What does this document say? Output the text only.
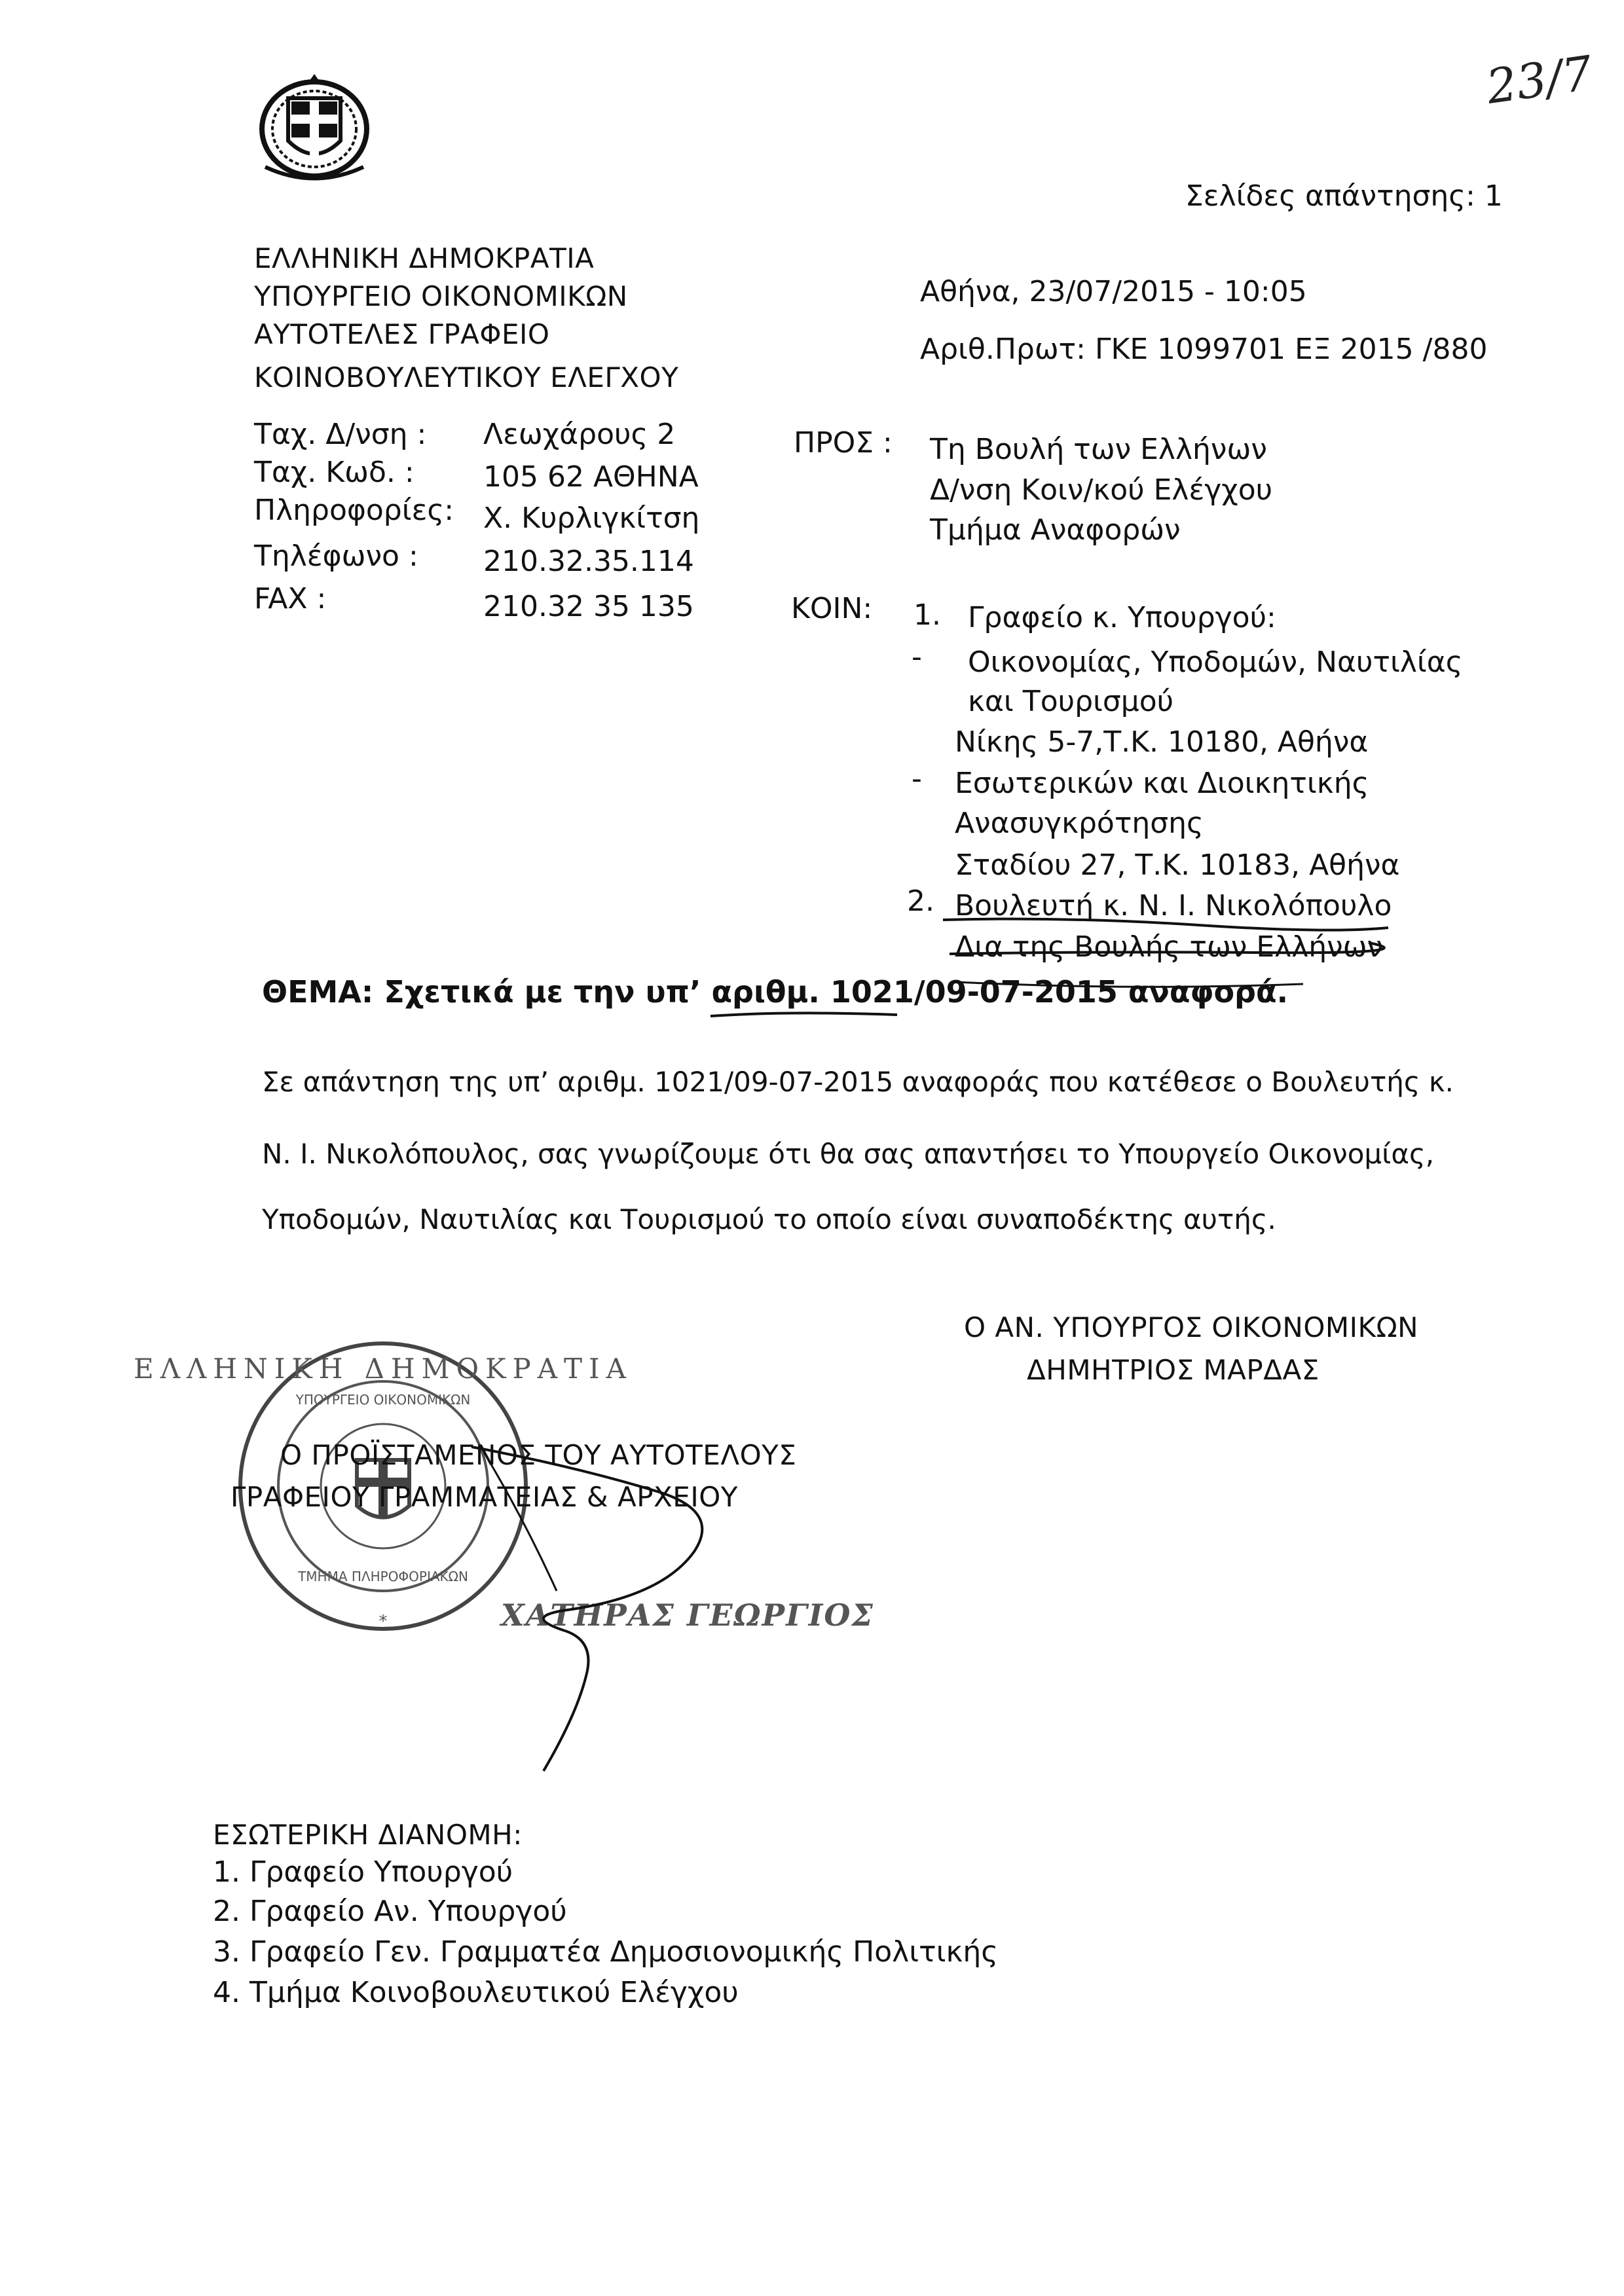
23/7
Σελίδες απάντησης: 1
ΕΛΛΗΝΙΚΗ ΔΗΜΟΚΡΑΤΙΑ
ΥΠΟΥΡΓΕΙΟ ΟΙΚΟΝΟΜΙΚΩΝ
ΑΥΤΟΤΕΛΕΣ ΓΡΑΦΕΙΟ
ΚΟΙΝΟΒΟΥΛΕΥΤΙΚΟΥ ΕΛΕΓΧΟΥ
Αθήνα, 23/07/2015 - 10:05
Αριθ.Πρωτ: ΓΚΕ 1099701 ΕΞ 2015 /880
Ταχ. Δ/νση : Λεωχάρους 2
Ταχ. Κωδ. : 105 62 ΑΘΗΝΑ
Πληροφορίες: Χ. Κυρλιγκίτση
Τηλέφωνο : 210.32.35.114
FAX :	210.32 35 135
ΠΡΟΣ : Τη Βουλή των Ελλήνων
Δ/νση Κοιν/κού Ελέγχου
Τμήμα Αναφορών
ΚΟΙΝ: 1. Γραφείο κ. Υπουργού:
- Οικονομίας, Υποδομών, Ναυτιλίας
και Τουρισμού
Νίκης 5-7,Τ.Κ. 10180, Αθήνα
- Εσωτερικών και Διοικητικής
Ανασυγκρότησης
Σταδίου 27, Τ.Κ. 10183, Αθήνα
2. Βουλευτή κ. Ν. Ι. Νικολόπουλο
Δια της Βουλής των Ελλήνων
ΘΕΜΑ: Σχετικά με την υπ’ αριθμ. 1021/09-07-2015 αναφορά.
Σε απάντηση της υπ’ αριθμ. 1021/09-07-2015 αναφοράς που κατέθεσε ο Βουλευτής κ.
Ν. Ι. Νικολόπουλος, σας γνωρίζουμε ότι θα σας απαντήσει το Υπουργείο Οικονομίας,
Υποδομών, Ναυτιλίας και Τουρισμού το οποίο είναι συναποδέκτης αυτής.
Ο ΑΝ. ΥΠΟΥΡΓΟΣ ΟΙΚΟΝΟΜΙΚΩΝ
ΔΗΜΗΤΡΙΟΣ ΜΑΡΔΑΣ
ΕΛΛΗΝΙΚΗ ΔΗΜΟΚΡΑΤΙΑ
ΥΠΟΥΡΓΕΙΟ ΟΙΚΟΝΟΜΙΚΩΝ
ΤΜΗΜΑ ΠΛΗΡΟΦΟΡΙΑΚΩΝ
*
Ο ΠΡΟΪΣΤΑΜΕΝΟΣ ΤΟΥ ΑΥΤΟΤΕΛΟΥΣ
ΓΡΑΦΕΙΟΥ ΓΡΑΜΜΑΤΕΙΑΣ & ΑΡΧΕΙΟΥ
ΧΑΤΗΡΑΣ ΓΕΩΡΓΙΟΣ
ΕΣΩΤΕΡΙΚΗ ΔΙΑΝΟΜΗ:
1. Γραφείο Υπουργού
2. Γραφείο Αν. Υπουργού
3. Γραφείο Γεν. Γραμματέα Δημοσιονομικής Πολιτικής
4. Τμήμα Κοινοβουλευτικού Ελέγχου
